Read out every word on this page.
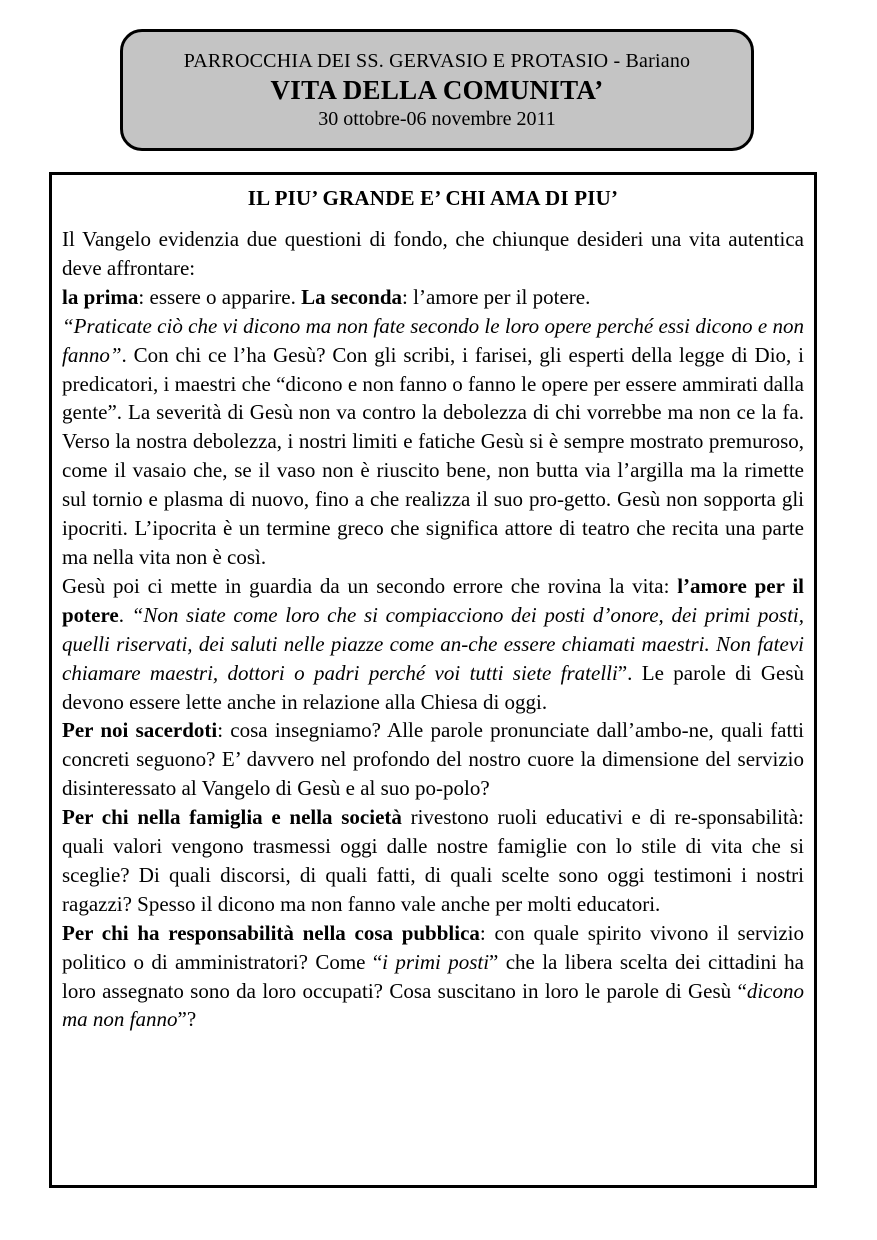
PARROCCHIA DEI SS. GERVASIO E PROTASIO - Bariano
VITA DELLA COMUNITA’
30 ottobre-06 novembre 2011
IL PIU’ GRANDE E’ CHI AMA DI PIU’

Il Vangelo evidenzia due questioni di fondo, che chiunque desideri una vita autentica deve affrontare:

la prima: essere o apparire. La seconda: l’amore per il potere.

“Praticate ciò che vi dicono ma non fate secondo le loro opere perché essi dicono e non fanno”. Con chi ce l’ha Gesù? Con gli scribi, i farisei, gli esperti della legge di Dio, i predicatori, i maestri che “dicono e non fanno o fanno le opere per essere ammirati dalla gente”. La severità di Gesù non va contro la debolezza di chi vorrebbe ma non ce la fa. Verso la nostra debolezza, i nostri limiti e fatiche Gesù si è sempre mostrato premuroso, come il vasaio che, se il vaso non è riuscito bene, non butta via l’argilla ma la rimette sul tornio e plasma di nuovo, fino a che realizza il suo pro-getto. Gesù non sopporta gli ipocriti. L’ipocrita è un termine greco che significa attore di teatro che recita una parte ma nella vita non è così.

Gesù poi ci mette in guardia da un secondo errore che rovina la vita: l’amore per il potere. “Non siate come loro che si compiacciono dei posti d’onore, dei primi posti, quelli riservati, dei saluti nelle piazze come an-che essere chiamati maestri. Non fatevi chiamare maestri, dottori o padri perché voi tutti siete fratelli”. Le parole di Gesù devono essere lette anche in relazione alla Chiesa di oggi.

Per noi sacerdoti: cosa insegniamo? Alle parole pronunciate dall’ambo-ne, quali fatti concreti seguono? E’ davvero nel profondo del nostro cuore la dimensione del servizio disinteressato al Vangelo di Gesù e al suo po-polo?

Per chi nella famiglia e nella società rivestono ruoli educativi e di re-sponsabilità: quali valori vengono trasmessi oggi dalle nostre famiglie con lo stile di vita che si sceglie? Di quali discorsi, di quali fatti, di quali scelte sono oggi testimoni i nostri ragazzi? Spesso il dicono ma non fanno vale anche per molti educatori.

Per chi ha responsabilità nella cosa pubblica: con quale spirito vivono il servizio politico o di amministratori? Come “i primi posti” che la libera scelta dei cittadini ha loro assegnato sono da loro occupati? Cosa suscitano in loro le parole di Gesù “dicono ma non fanno”?
